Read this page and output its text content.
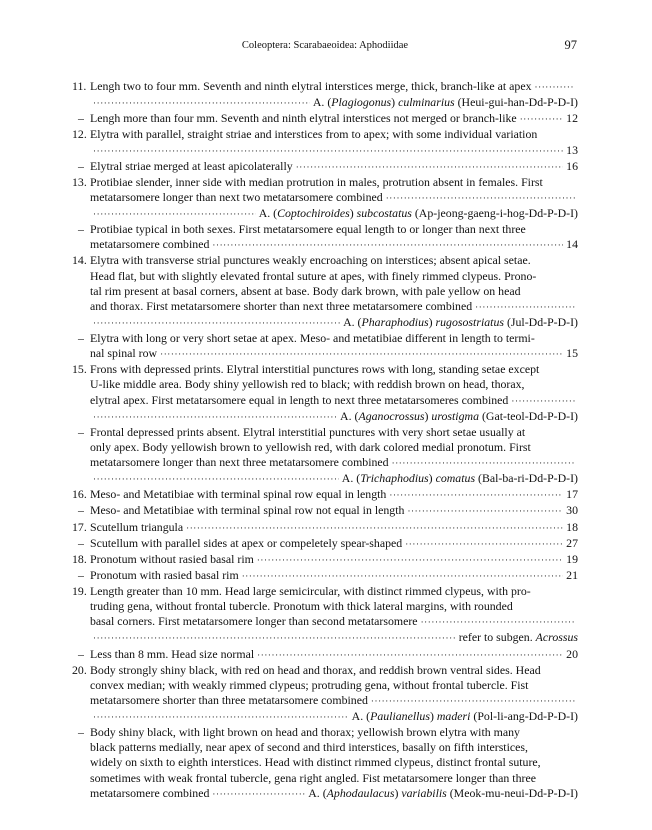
Coleoptera: Scarabaeoidea: Aphodiidae	97
11. Lengh two to four mm. Seventh and ninth elytral interstices merge, thick, branch-like at apex
·····
·····
A. (Plagiogonus) culminarius (Heui-gui-han-Dd-P-D-I)
– Lengh more than four mm. Seventh and ninth elytral interstices not merged or branch-like ·····	12
12. Elytra with parallel, straight striae and interstices from to apex; with some individual variation
·····
13
– Elytral striae merged at least apicolaterally ·····	16
13. Protibiae slender, inner side with median protrution in males, protrution absent in females. First
metatarsomere longer than next two metatarsomere combined
·····
·····
A. (Coptochiroides) subcostatus (Ap-jeong-gaeng-i-hog-Dd-P-D-I)
– Protibiae typical in both sexes. First metatarsomere equal length to or longer than next three
metatarsomere combined ·····	14
14. Elytra with transverse strial punctures weakly encroaching on interstices; absent apical setae.
Head flat, but with slightly elevated frontal suture at apes, with finely rimmed clypeus. Prono-
tal rim present at basal corners, absent at base. Body dark brown, with pale yellow on head
and thorax. First metatarsomere shorter than next three metatarsomere combined
·····
·····
A. (Pharaphodius) rugosostriatus (Jul-Dd-P-D-I)
– Elytra with long or very short setae at apex. Meso- and metatibiae different in length to termi-
nal spinal row ·····	15
15. Frons with depressed prints. Elytral interstitial punctures rows with long, standing setae except
U-like middle area. Body shiny yellowish red to black; with reddish brown on head, thorax,
elytral apex. First metatarsomere equal in length to next three metatarsomeres combined
·····
·····
A. (Aganocrossus) urostigma (Gat-teol-Dd-P-D-I)
– Frontal depressed prints absent. Elytral interstitial punctures with very short setae usually at
only apex. Body yellowish brown to yellowish red, with dark colored medial pronotum. First
metatarsomere longer than next three metatarsomere combined
·····
·····
A. (Trichaphodius) comatus (Bal-ba-ri-Dd-P-D-I)
16. Meso- and Metatibiae with terminal spinal row equal in length ·····	17
– Meso- and Metatibiae with terminal spinal row not equal in length ·····	30
17. Scutellum triangula ·····	18
– Scutellum with parallel sides at apex or compeletely spear-shaped ·····	27
18. Pronotum without rasied basal rim ·····	19
– Pronotum with rasied basal rim ·····	21
19. Length greater than 10 mm. Head large semicircular, with distinct rimmed clypeus, with pro-
truding gena, without frontal tubercle. Pronotum with thick lateral margins, with rounded
basal corners. First metatarsomere longer than second metatarsomere
·····
·····
refer to subgen. Acrossus
– Less than 8 mm. Head size normal ·····	20
20. Body strongly shiny black, with red on head and thorax, and reddish brown ventral sides. Head
convex median; with weakly rimmed clypeus; protruding gena, without frontal tubercle. Fist
metatarsomere shorter than three metatarsomere combined
·····
·····
A. (Paulianellus) maderi (Pol-li-ang-Dd-P-D-I)
– Body shiny black, with light brown on head and thorax; yellowish brown elytra with many
black patterns medially, near apex of second and third interstices, basally on fifth interstices,
widely on sixth to eighth interstices. Head with distinct rimmed clypeus, distinct frontal suture,
sometimes with weak frontal tubercle, gena right angled. Fist metatarsomere longer than three
metatarsomere combined ·····	A. (Aphodaulacus) variabilis (Meok-mu-neui-Dd-P-D-I)
